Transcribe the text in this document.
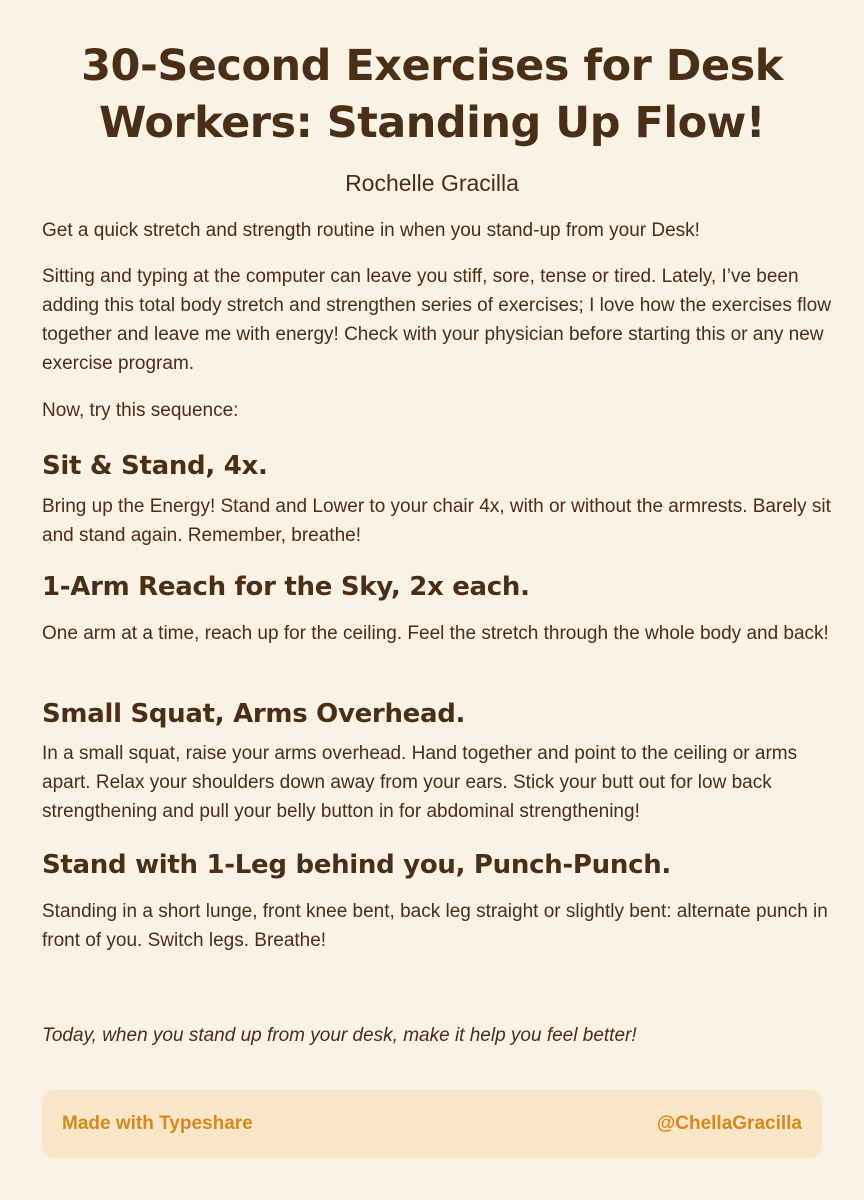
30-Second Exercises for Desk Workers: Standing Up Flow!
Rochelle Gracilla

Get a quick stretch and strength routine in when you stand-up from your Desk!

Sitting and typing at the computer can leave you stiff, sore, tense or tired. Lately, I’ve been adding this total body stretch and strengthen series of exercises; I love how the exercises flow together and leave me with energy! Check with your physician before starting this or any new exercise program.

Now, try this sequence:

Sit & Stand, 4x.

Bring up the Energy! Stand and Lower to your chair 4x, with or without the armrests. Barely sit and stand again. Remember, breathe!

1-Arm Reach for the Sky, 2x each.

One arm at a time, reach up for the ceiling. Feel the stretch through the whole body and back!

Small Squat, Arms Overhead.

In a small squat, raise your arms overhead. Hand together and point to the ceiling or arms apart. Relax your shoulders down away from your ears. Stick your butt out for low back strengthening and pull your belly button in for abdominal strengthening!

Stand with 1-Leg behind you, Punch-Punch.

Standing in a short lunge, front knee bent, back leg straight or slightly bent: alternate punch in front of you. Switch legs. Breathe!

Today, when you stand up from your desk, make it help you feel better!

Made with Typeshare	@ChellaGracilla
